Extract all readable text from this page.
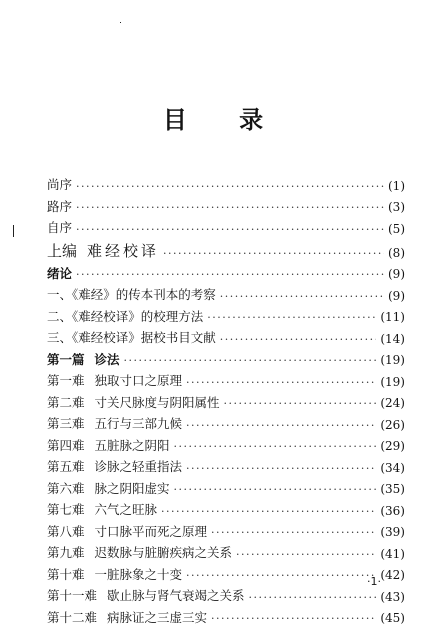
目 录
尚序 ·····	(1)
路序 ·····	(3)
自序 ·····	(5)
上编 难经校译 ·····	(8)
绪论 ·····	(9)
一、《难经》的传本刊本的考察 ·····	(9)
二、《难经校译》的校理方法 ·····	(11)
三、《难经校译》据校书目文献 ·····	(14)
第一篇 诊法 ·····	(19)
第一难 独取寸口之原理 ·····	(19)
第二难 寸关尺脉度与阴阳属性 ·····	(24)
第三难 五行与三部九候 ·····	(26)
第四难 五脏脉之阴阳 ·····	(29)
第五难 诊脉之轻重指法 ·····	(34)
第六难 脉之阴阳虚实 ·····	(35)
第七难 六气之旺脉 ·····	(36)
第八难 寸口脉平而死之原理 ·····	(39)
第九难 迟数脉与脏腑疾病之关系 ·····	(41)
第十难 一脏脉象之十变 ·····	(42)
第十一难 歇止脉与肾气衰竭之关系 ·····	(43)
第十二难 病脉证之三虚三实 ·····	(45)
·1·
